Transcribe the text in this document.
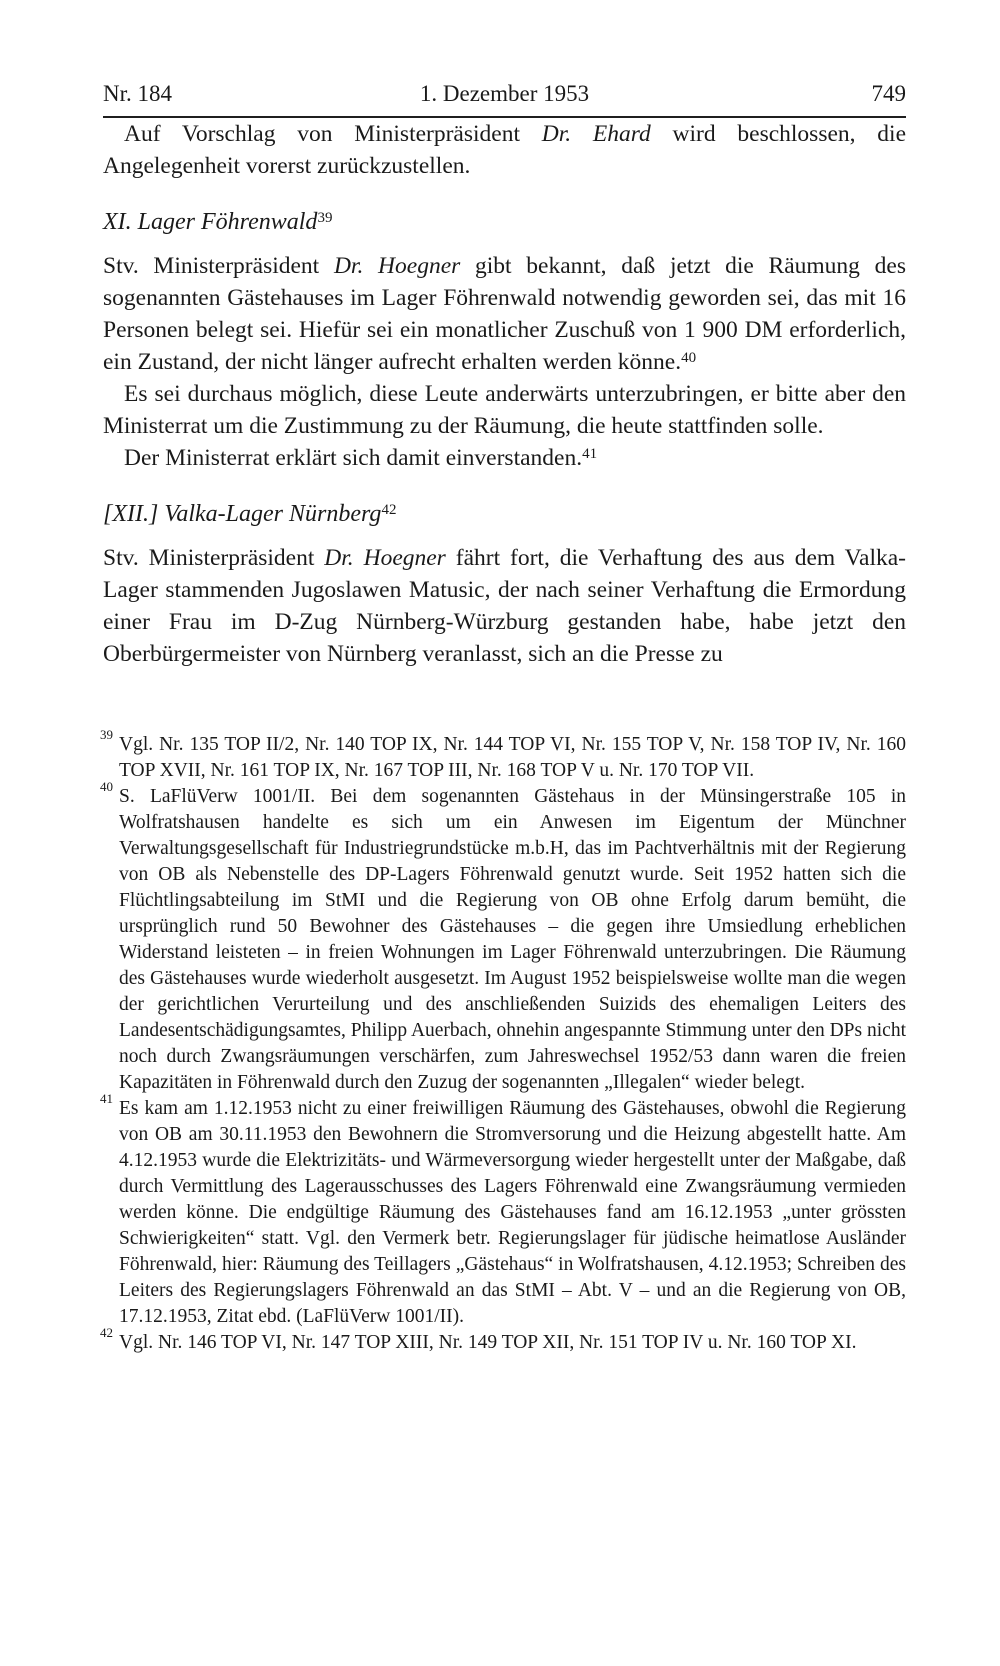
Nr. 184	1. Dezember 1953	749

Auf Vorschlag von Ministerpräsident Dr. Ehard wird beschlossen, die Angelegenheit vorerst zurückzustellen.

XI. Lager Föhrenwald$^{39}$

Stv. Ministerpräsident Dr. Hoegner gibt bekannt, daß jetzt die Räumung des sogenannten Gästehauses im Lager Föhrenwald notwendig geworden sei, das mit 16 Personen belegt sei. Hiefür sei ein monatlicher Zuschuß von 1 900 DM erforderlich, ein Zustand, der nicht länger aufrecht erhalten werden könne.$^{40}$

Es sei durchaus möglich, diese Leute anderwärts unterzubringen, er bitte aber den Ministerrat um die Zustimmung zu der Räumung, die heute stattfinden solle.

Der Ministerrat erklärt sich damit einverstanden.$^{41}$

[XII.] Valka-Lager Nürnberg$^{42}$

Stv. Ministerpräsident Dr. Hoegner fährt fort, die Verhaftung des aus dem Valka-Lager stammenden Jugoslawen Matusic, der nach seiner Verhaftung die Ermordung einer Frau im D-Zug Nürnberg-Würzburg gestanden habe, habe jetzt den Oberbürgermeister von Nürnberg veranlasst, sich an die Presse zu

39 Vgl. Nr. 135 TOP II/2, Nr. 140 TOP IX, Nr. 144 TOP VI, Nr. 155 TOP V, Nr. 158 TOP IV, Nr. 160 TOP XVII, Nr. 161 TOP IX, Nr. 167 TOP III, Nr. 168 TOP V u. Nr. 170 TOP VII.
40 S. LaFlüVerw 1001/II. Bei dem sogenannten Gästehaus in der Münsingerstraße 105 in Wolfratshausen handelte es sich um ein Anwesen im Eigentum der Münchner Verwaltungsgesellschaft für Industriegrundstücke m.b.H, das im Pachtverhältnis mit der Regierung von OB als Nebenstelle des DP-Lagers Föhrenwald genutzt wurde. Seit 1952 hatten sich die Flüchtlingsabteilung im StMI und die Regierung von OB ohne Erfolg darum bemüht, die ursprünglich rund 50 Bewohner des Gästehauses – die gegen ihre Umsiedlung erheblichen Widerstand leisteten – in freien Wohnungen im Lager Föhrenwald unterzubringen. Die Räumung des Gästehauses wurde wiederholt ausgesetzt. Im August 1952 beispielsweise wollte man die wegen der gerichtlichen Verurteilung und des anschließenden Suizids des ehemaligen Leiters des Landesentschädigungsamtes, Philipp Auerbach, ohnehin angespannte Stimmung unter den DPs nicht noch durch Zwangsräumungen verschärfen, zum Jahreswechsel 1952/53 dann waren die freien Kapazitäten in Föhrenwald durch den Zuzug der sogenannten „Illegalen“ wieder belegt.
41 Es kam am 1.12.1953 nicht zu einer freiwilligen Räumung des Gästehauses, obwohl die Regierung von OB am 30.11.1953 den Bewohnern die Stromversorung und die Heizung abgestellt hatte. Am 4.12.1953 wurde die Elektrizitäts- und Wärmeversorgung wieder hergestellt unter der Maßgabe, daß durch Vermittlung des Lagerausschusses des Lagers Föhrenwald eine Zwangsräumung vermieden werden könne. Die endgültige Räumung des Gästehauses fand am 16.12.1953 „unter grössten Schwierigkeiten“ statt. Vgl. den Vermerk betr. Regierungslager für jüdische heimatlose Ausländer Föhrenwald, hier: Räumung des Teillagers „Gästehaus“ in Wolfratshausen, 4.12.1953; Schreiben des Leiters des Regierungslagers Föhrenwald an das StMI – Abt. V – und an die Regierung von OB, 17.12.1953, Zitat ebd. (LaFlüVerw 1001/II).
42 Vgl. Nr. 146 TOP VI, Nr. 147 TOP XIII, Nr. 149 TOP XII, Nr. 151 TOP IV u. Nr. 160 TOP XI.
